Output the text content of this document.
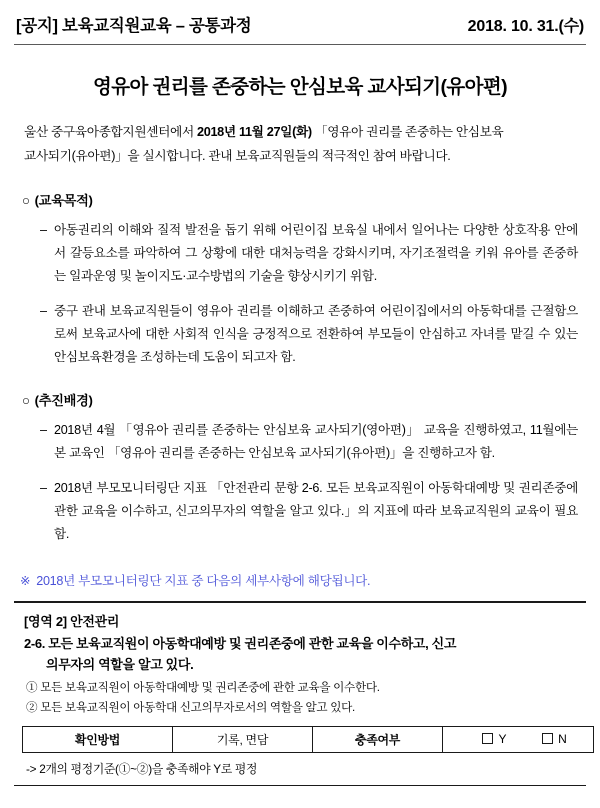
[공지] 보육교직원교육 – 공통과정	2018. 10. 31.(수)
영유아 권리를 존중하는 안심보육 교사되기(유아편)
울산 중구육아종합지원센터에서 2018년 11월 27일(화) 「영유아 권리를 존중하는 안심보육
교사되기(유아편)」을 실시합니다. 관내 보육교직원들의 적극적인 참여 바랍니다.
○ (교육목적)
– 아동권리의 이해와 질적 발전을 돕기 위해 어린이집 보육실 내에서 일어나는 다양한 상호작용 안에서 갈등요소를 파악하여 그 상황에 대한 대처능력을 강화시키며, 자기조절력을 키워 유아를 존중하는 일과운영 및 놀이지도·교수방법의 기술을 향상시키기 위함.
– 중구 관내 보육교직원들이 영유아 권리를 이해하고 존중하여 어린이집에서의 아동학대를 근절함으로써 보육교사에 대한 사회적 인식을 긍정적으로 전환하여 부모들이 안심하고 자녀를 맡길 수 있는 안심보육환경을 조성하는데 도움이 되고자 함.
○ (추진배경)
– 2018년 4월 「영유아 권리를 존중하는 안심보육 교사되기(영아편)」 교육을 진행하였고, 11월에는 본 교육인 「영유아 권리를 존중하는 안심보육 교사되기(유아편)」을 진행하고자 함.
– 2018년 부모모니터링단 지표 「안전관리 문항 2-6. 모든 보육교직원이 아동학대예방 및 권리존중에 관한 교육을 이수하고, 신고의무자의 역할을 알고 있다.」의 지표에 따라 보육교직원의 교육이 필요함.
※ 2018년 부모모니터링단 지표 중 다음의 세부사항에 해당됩니다.
[영역 2] 안전관리
2-6. 모든 보육교직원이 아동학대예방 및 권리존중에 관한 교육을 이수하고, 신고
의무자의 역할을 알고 있다.
① 모든 보육교직원이 아동학대예방 및 권리존중에 관한 교육을 이수한다.
② 모든 보육교직원이 아동학대 신고의무자로서의 역할을 알고 있다.
확인방법	기록, 면담	충족여부	Y	N
-> 2개의 평정기준(①~②)을 충족해야 Y로 평정
